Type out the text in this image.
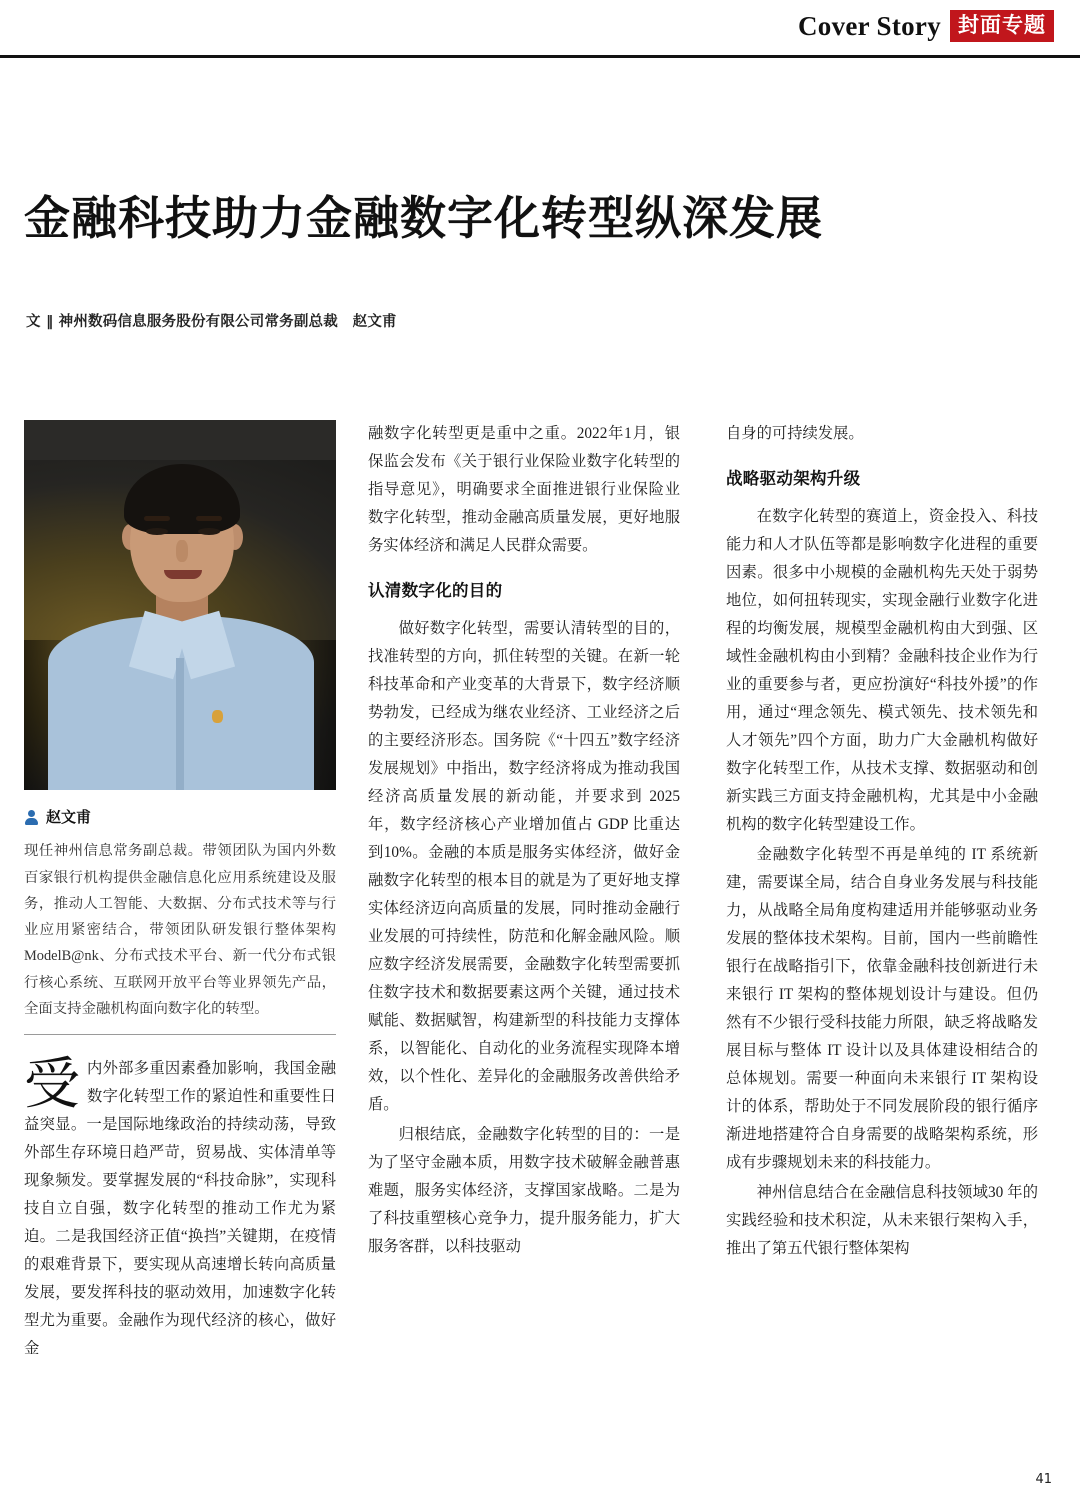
Cover Story 封面专题
金融科技助力金融数字化转型纵深发展
文 ‖ 神州数码信息服务股份有限公司常务副总裁　赵文甫
赵文甫
现任神州信息常务副总裁。带领团队为国内外数百家银行机构提供金融信息化应用系统建设及服务，推动人工智能、大数据、分布式技术等与行业应用紧密结合，带领团队研发银行整体架构ModelB@nk、分布式技术平台、新一代分布式银行核心系统、互联网开放平台等业界领先产品，全面支持金融机构面向数字化的转型。
受 内外部多重因素叠加影响，我国金融数字化转型工作的紧迫性和重要性日益突显。一是国际地缘政治的持续动荡，导致外部生存环境日趋严苛，贸易战、实体清单等现象频发。要掌握发展的“科技命脉”，实现科技自立自强，数字化转型的推动工作尤为紧迫。二是我国经济正值“换挡”关键期，在疫情的艰难背景下，要实现从高速增长转向高质量发展，要发挥科技的驱动效用，加速数字化转型尤为重要。金融作为现代经济的核心，做好金

融数字化转型更是重中之重。2022年1月，银保监会发布《关于银行业保险业数字化转型的指导意见》，明确要求全面推进银行业保险业数字化转型，推动金融高质量发展，更好地服务实体经济和满足人民群众需要。

认清数字化的目的

做好数字化转型，需要认清转型的目的，找准转型的方向，抓住转型的关键。在新一轮科技革命和产业变革的大背景下，数字经济顺势勃发，已经成为继农业经济、工业经济之后的主要经济形态。国务院《“十四五”数字经济发展规划》中指出，数字经济将成为推动我国经济高质量发展的新动能，并要求到 2025 年，数字经济核心产业增加值占 GDP 比重达到10%。金融的本质是服务实体经济，做好金融数字化转型的根本目的就是为了更好地支撑实体经济迈向高质量的发展，同时推动金融行业发展的可持续性，防范和化解金融风险。顺应数字经济发展需要，金融数字化转型需要抓住数字技术和数据要素这两个关键，通过技术赋能、数据赋智，构建新型的科技能力支撑体系，以智能化、自动化的业务流程实现降本增效，以个性化、差异化的金融服务改善供给矛盾。

归根结底，金融数字化转型的目的：一是为了坚守金融本质，用数字技术破解金融普惠难题，服务实体经济，支撑国家战略。二是为了科技重塑核心竞争力，提升服务能力，扩大服务客群，以科技驱动

自身的可持续发展。

战略驱动架构升级

在数字化转型的赛道上，资金投入、科技能力和人才队伍等都是影响数字化进程的重要因素。很多中小规模的金融机构先天处于弱势地位，如何扭转现实，实现金融行业数字化进程的均衡发展，规模型金融机构由大到强、区域性金融机构由小到精？金融科技企业作为行业的重要参与者，更应扮演好“科技外援”的作用，通过“理念领先、模式领先、技术领先和人才领先”四个方面，助力广大金融机构做好数字化转型工作，从技术支撑、数据驱动和创新实践三方面支持金融机构，尤其是中小金融机构的数字化转型建设工作。

金融数字化转型不再是单纯的 IT 系统新建，需要谋全局，结合自身业务发展与科技能力，从战略全局角度构建适用并能够驱动业务发展的整体技术架构。目前，国内一些前瞻性银行在战略指引下，依靠金融科技创新进行未来银行 IT 架构的整体规划设计与建设。但仍然有不少银行受科技能力所限，缺乏将战略发展目标与整体 IT 设计以及具体建设相结合的总体规划。需要一种面向未来银行 IT 架构设计的体系，帮助处于不同发展阶段的银行循序渐进地搭建符合自身需要的战略架构系统，形成有步骤规划未来的科技能力。

神州信息结合在金融信息科技领域30 年的实践经验和技术积淀，从未来银行架构入手，推出了第五代银行整体架构

41
